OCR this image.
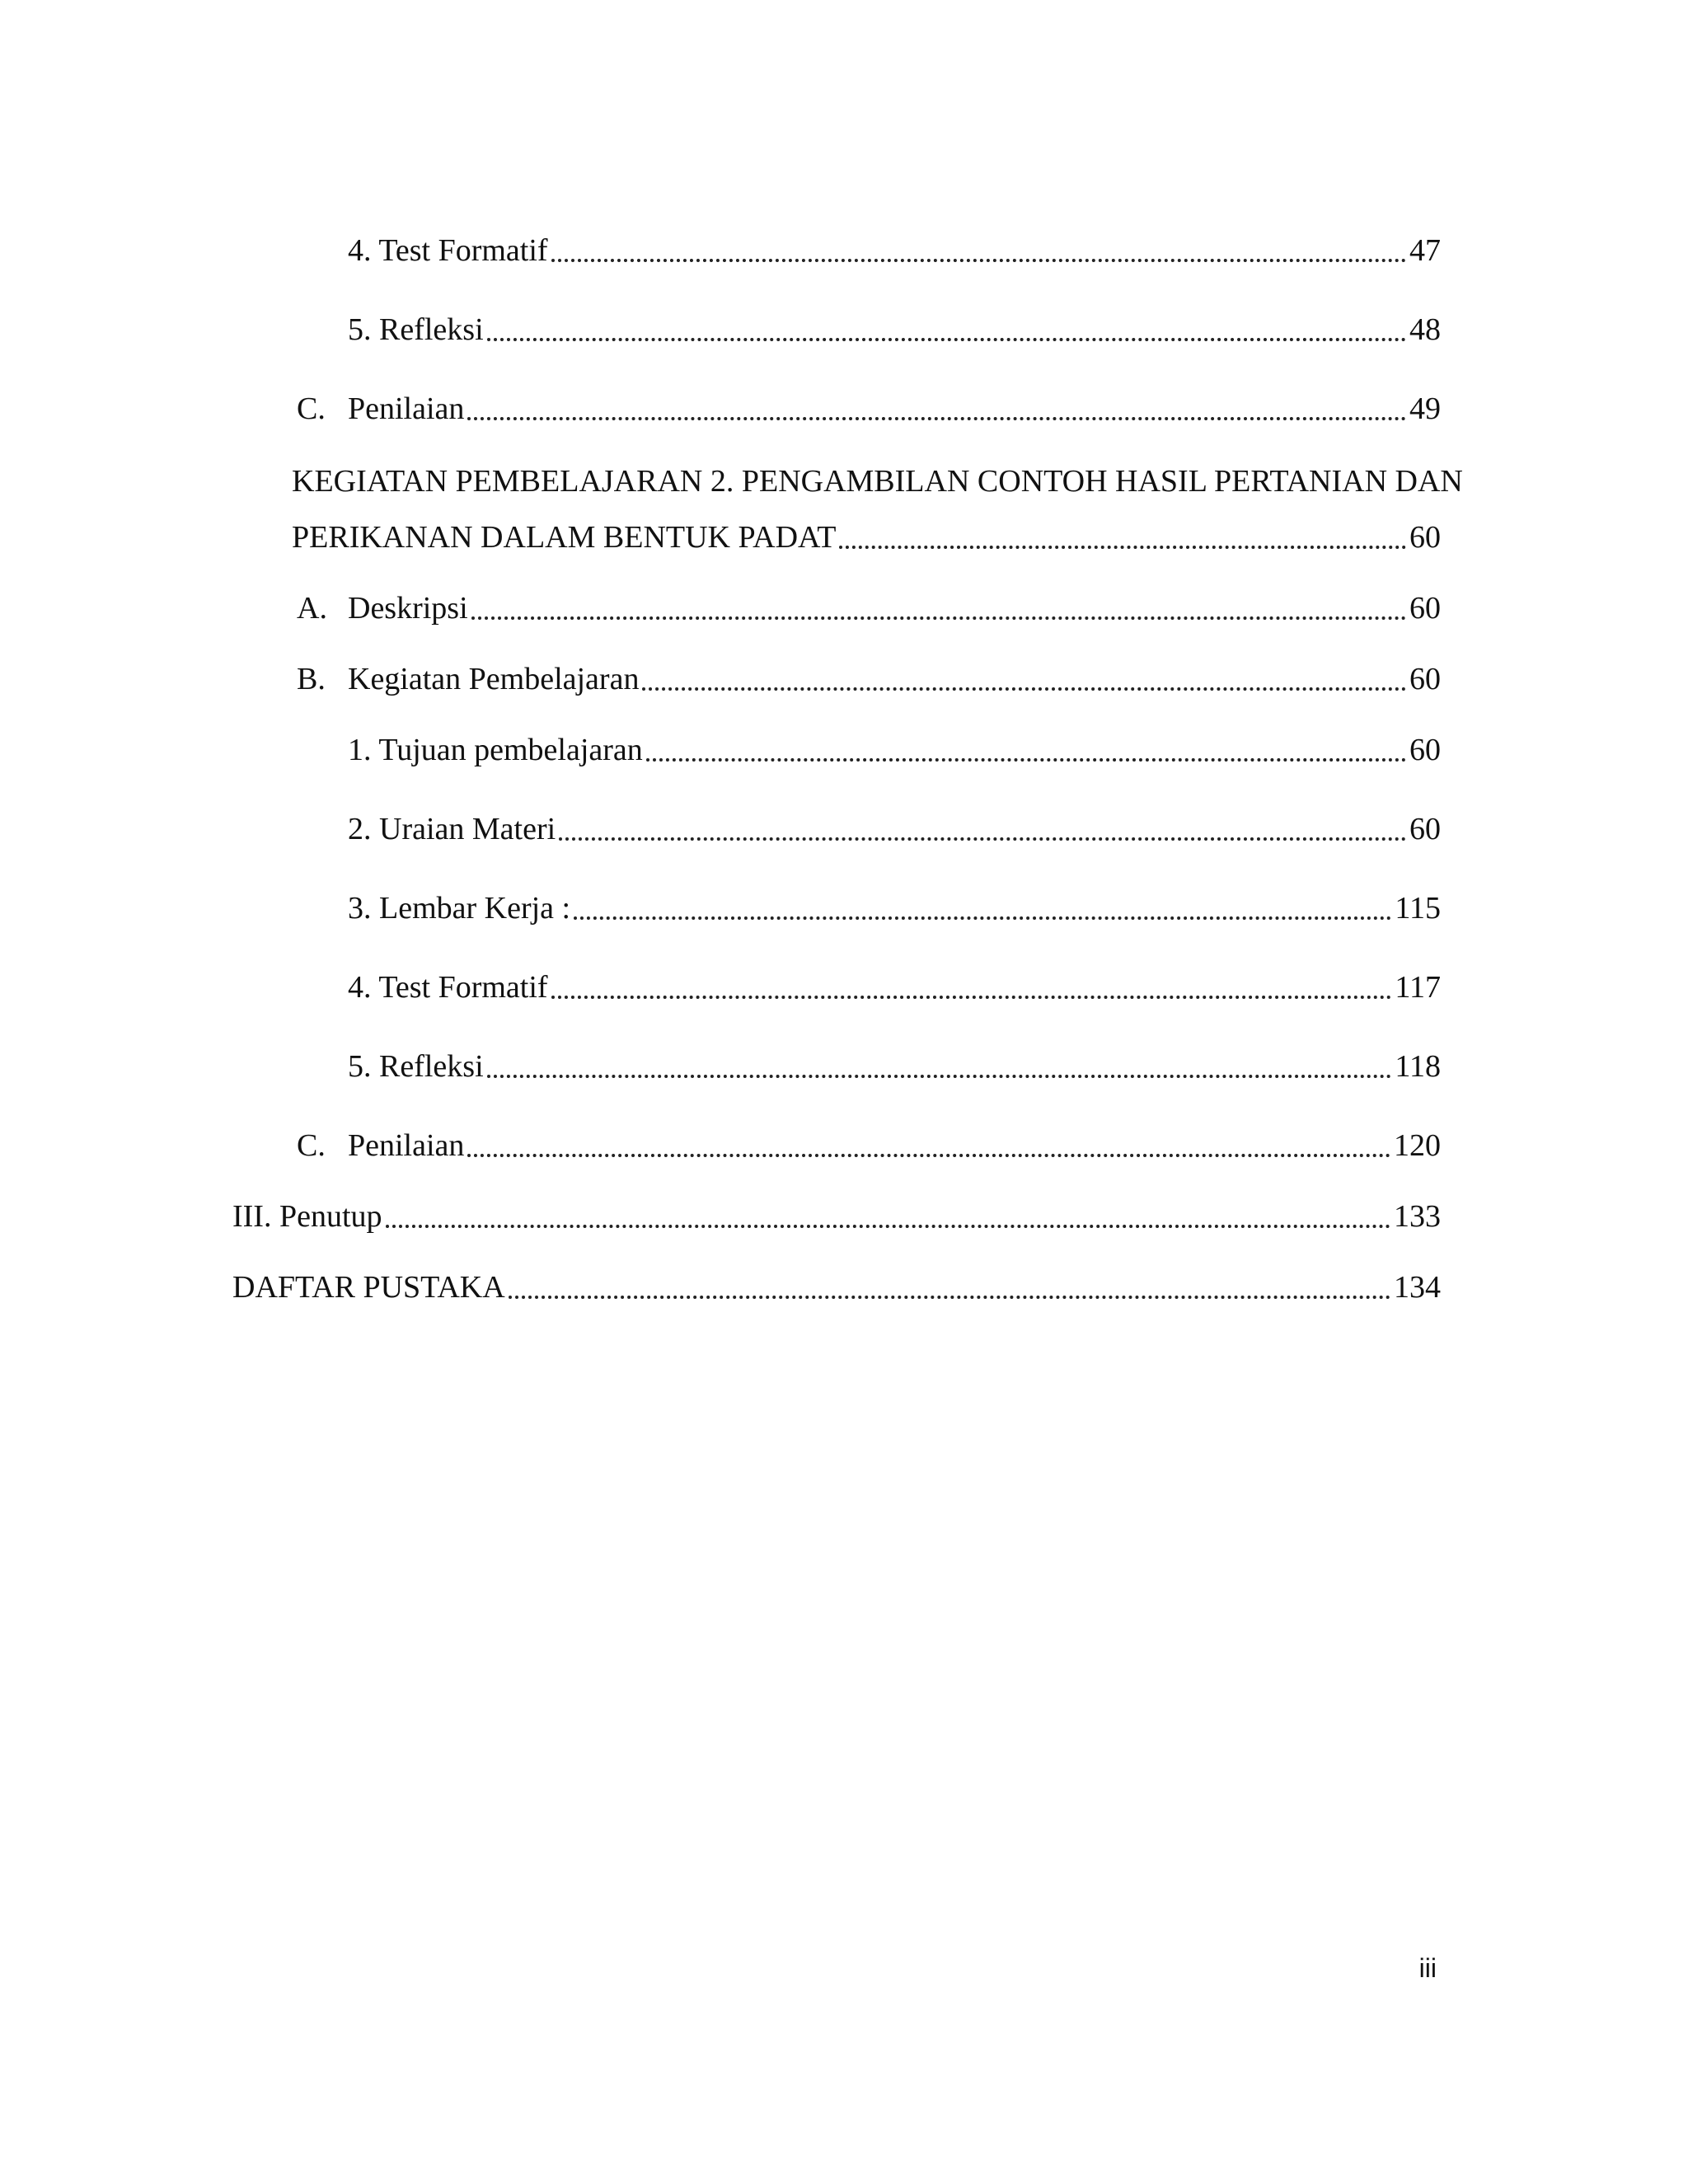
4. Test Formatif	47
5. Refleksi	48
C. Penilaian	49
KEGIATAN PEMBELAJARAN 2. PENGAMBILAN CONTOH HASIL PERTANIAN DAN
PERIKANAN DALAM BENTUK PADAT	60
A. Deskripsi	60
B. Kegiatan Pembelajaran	60
1. Tujuan pembelajaran	60
2. Uraian Materi	60
3. Lembar Kerja :	115
4. Test Formatif	117
5. Refleksi	118
C. Penilaian	120
III. Penutup	133
DAFTAR PUSTAKA	134
iii
